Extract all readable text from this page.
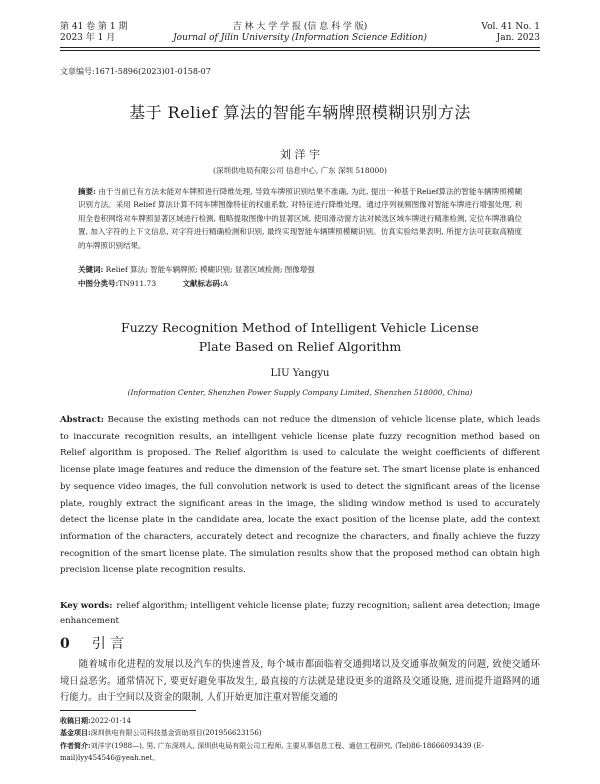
第 41 卷 第 1 期
2023 年 1 月
吉 林 大 学 学 报 (信 息 科 学 版)
Journal of Jilin University (Information Science Edition)
Vol. 41 No. 1
Jan. 2023
文章编号:1671-5896(2023)01-0158-07
基于 Relief 算法的智能车辆牌照模糊识别方法
刘 洋 宇
(深圳供电局有限公司 信息中心, 广东 深圳 518000)
摘要: 由于当前已有方法未能对车牌照进行降维处理, 导致车牌照识别结果不准确, 为此, 提出一种基于Relief算法的智能车辆牌照模糊识别方法。采用 Relief 算法计算不同车牌图像特征的权重系数, 对特征进行降维处理。通过序列视频图像对智能车牌进行增强处理, 利用全卷积网络对车牌照显著区域进行检测, 粗略提取图像中的显著区域, 使用滑动窗方法对候选区域车牌进行精准检测, 定位车牌准确位置, 加入字符的上下文信息, 对字符进行精确检测和识别, 最终实现智能车辆牌照模糊识别。仿真实验结果表明, 所提方法可获取高精度的车牌照识别结果。
关键词: Relief 算法; 智能车辆牌照; 模糊识别; 显著区域检测; 图像增强
中图分类号:TN911.73	文献标志码:A
Fuzzy Recognition Method of Intelligent Vehicle License
Plate Based on Relief Algorithm
LIU Yangyu
(Information Center, Shenzhen Power Supply Company Limited, Shenzhen 518000, China)
Abstract: Because the existing methods can not reduce the dimension of vehicle license plate, which leads to inaccurate recognition results, an intelligent vehicle license plate fuzzy recognition method based on Relief algorithm is proposed. The Relief algorithm is used to calculate the weight coefficients of different license plate image features and reduce the dimension of the feature set. The smart license plate is enhanced by sequence video images, the full convolution network is used to detect the significant areas of the license plate, roughly extract the significant areas in the image, the sliding window method is used to accurately detect the license plate in the candidate area, locate the exact position of the license plate, add the context information of the characters, accurately detect and recognize the characters, and finally achieve the fuzzy recognition of the smart license plate. The simulation results show that the proposed method can obtain high precision license plate recognition results.
Key words: relief algorithm; intelligent vehicle license plate; fuzzy recognition; salient area detection; image enhancement
0 引 言
随着城市化进程的发展以及汽车的快速普及, 每个城市都面临着交通拥堵以及交通事故频发的问题, 致使交通环境日益恶劣。通常情况下, 要更好避免事故发生, 最直接的方法就是建设更多的道路及交通设施, 进而提升道路网的通行能力。由于空间以及资金的限制, 人们开始更加注重对智能交通的
收稿日期:2022-01-14
基金项目:深圳供电有限公司科技基金资助项目(201956623156)
作者简介:刘洋宇(1988—), 男, 广东深圳人, 深圳供电局有限公司工程师, 主要从事信息工程、通信工程研究, (Tel)86-18666093439 (E-mail)lyy454546@yeah.net。
